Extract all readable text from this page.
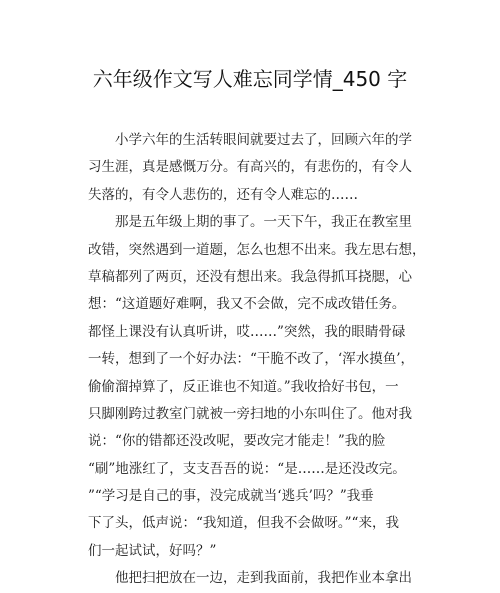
六年级作文写人难忘同学情_450 字
小学六年的生活转眼间就要过去了，回顾六年的学
习生涯，真是感慨万分。有高兴的，有悲伤的，有令人
失落的，有令人悲伤的，还有令人难忘的……
那是五年级上期的事了。一天下午，我正在教室里
改错，突然遇到一道题，怎么也想不出来。我左思右想，
草稿都列了两页，还没有想出来。我急得抓耳挠腮，心
想：“这道题好难啊，我又不会做，完不成改错任务。
都怪上课没有认真听讲，哎……”突然，我的眼睛骨碌
一转，想到了一个好办法：“干脆不改了，‘浑水摸鱼’，
偷偷溜掉算了，反正谁也不知道。”我收拾好书包，一
只脚刚跨过教室门就被一旁扫地的小东叫住了。他对我
说：“你的错都还没改呢，要改完才能走！”我的脸
“刷”地涨红了，支支吾吾的说：“是……是还没改完。
”“学习是自己的事，没完成就当‘逃兵’吗？”我垂
下了头，低声说：“我知道，但我不会做呀。”“来，我
们一起试试，好吗？”
他把扫把放在一边，走到我面前，我把作业本拿出
